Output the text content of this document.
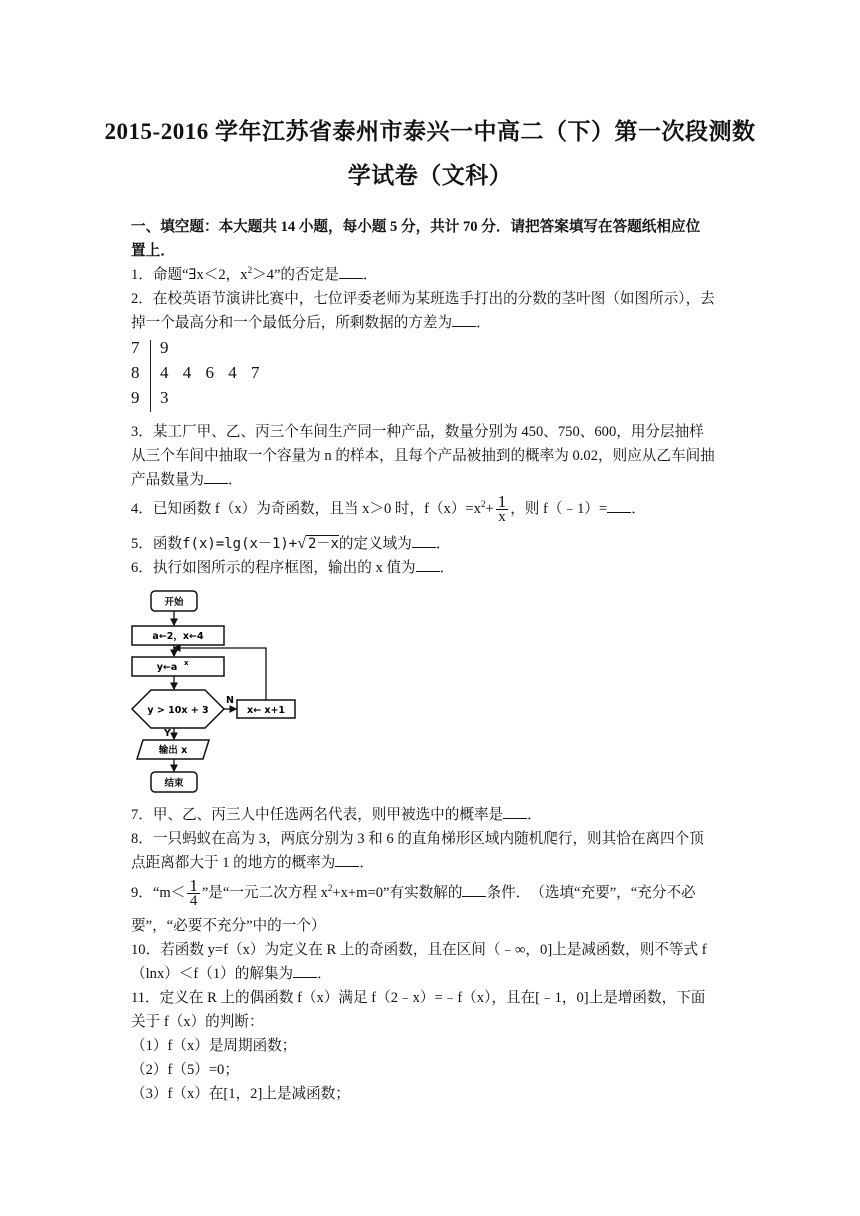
2015-2016 学年江苏省泰州市泰兴一中高二（下）第一次段测数
学试卷（文科）
一、填空题：本大题共 14 小题，每小题 5 分，共计 70 分．请把答案填写在答题纸相应位
置上．
1．命题“∃x＜2，$x^2>4$”的否定是 ．
2．在校英语节演讲比赛中，七位评委老师为某班选手打出的分数的茎叶图（如图所示），去
掉一个最高分和一个最低分后，所剩数据的方差为 ．
7 9
8 4 4 6 4 7
9 3
3．某工厂甲、乙、丙三个车间生产同一种产品，数量分别为 450、750、600，用分层抽样
从三个车间中抽取一个容量为 n 的样本，且每个产品被抽到的概率为 0.02，则应从乙车间抽
产品数量为 ．
4．已知函数 f（x）为奇函数，且当 x＞0 时，$f(x)=x^2+ \frac{1}{x}$ ，则 f（﹣1）= ．
5．函数f(x)=lg(x－1)+√ 2－x的定义域为 ．
6．执行如图所示的程序框图，输出的 x 值为 ．
开始
a←2，x←4
y←a x
y > 10x + 3
N
x← x+1
Y
输出 x
结束
7．甲、乙、丙三人中任选两名代表，则甲被选中的概率是 ．
8．一只蚂蚁在高为 3，两底分别为 3 和 6 的直角梯形区域内随机爬行，则其恰在离四个顶
点距离都大于 1 的地方的概率为 ．
9．“$m< \frac{1}{4}$ ”是“一元二次方程 $x^2+x+m=0$”有实数解的 条件．　（选填“充要”，“充分不必
要”，“必要不充分”中的一个）
10．若函数 y=f（x）为定义在 R 上的奇函数，且在区间（﹣∞，0]上是减函数，则不等式 f
（lnx）＜f（1）的解集为 ．
11．定义在 R 上的偶函数 f（x）满足 f（2﹣x）=﹣f（x），且在[﹣1，0]上是增函数，下面
关于 f（x）的判断：
（1）f（x）是周期函数；
（2）f（5）=0；
（3）f（x）在[1，2]上是减函数；
